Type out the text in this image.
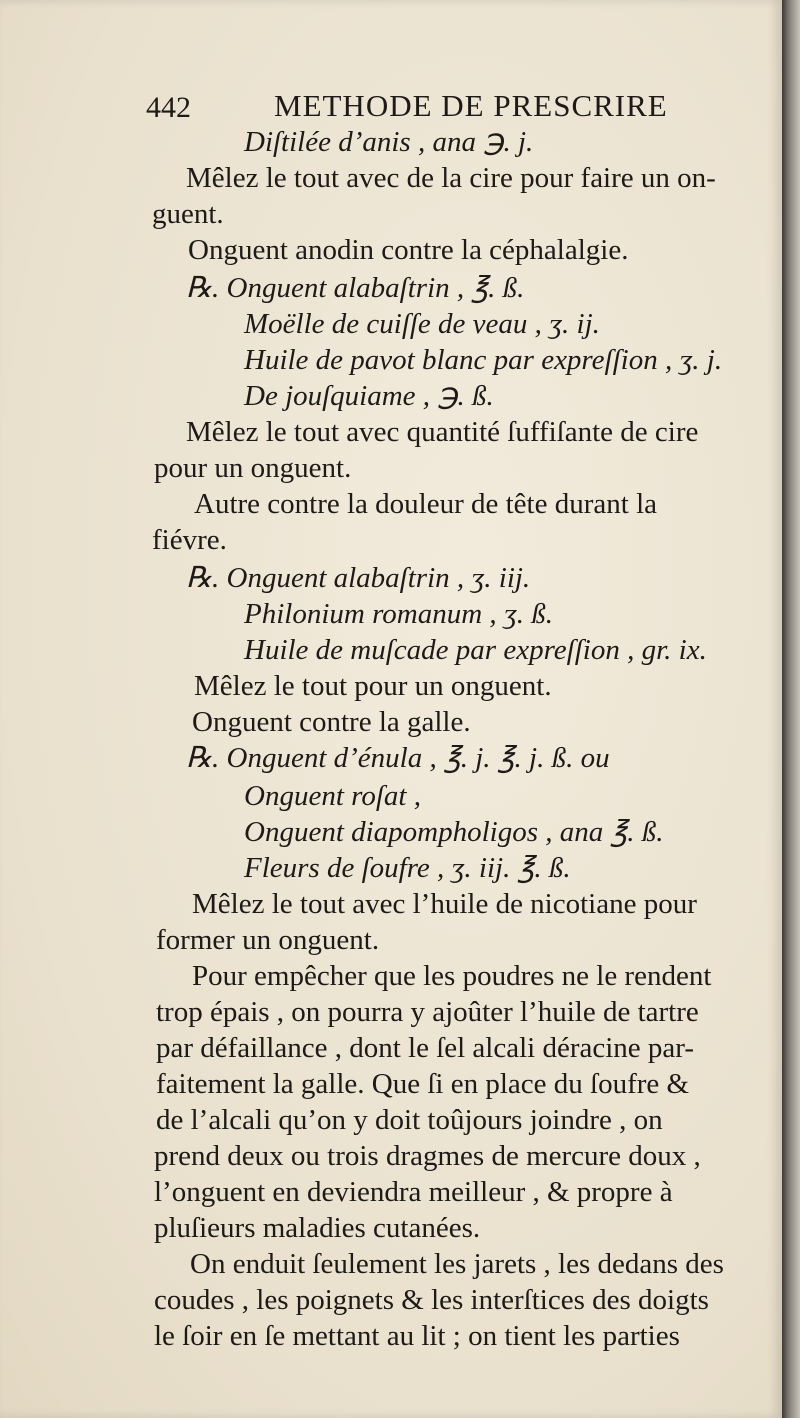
442	METHODE DE PRESCRIRE
Diſtilée d’anis , ana ℈. j.
Mêlez le tout avec de la cire pour faire un on-
guent.
Onguent anodin contre la céphalalgie.
℞. Onguent alabaſtrin , ℥. ß.
Moëlle de cuiſſe de veau , ʒ. ij.
Huile de pavot blanc par expreſſion , ʒ. j.
De jouſquiame , ℈. ß.
Mêlez le tout avec quantité ſuffiſante de cire
pour un onguent.
Autre contre la douleur de tête durant la
fiévre.
℞. Onguent alabaſtrin , ʒ. iij.
Philonium romanum , ʒ. ß.
Huile de muſcade par expreſſion , gr. ix.
Mêlez le tout pour un onguent.
Onguent contre la galle.
℞. Onguent d’énula , ℥. j. ℥. j. ß. ou
Onguent roſat ,
Onguent diapompholigos , ana ℥. ß.
Fleurs de ſoufre , ʒ. iij. ℥. ß.
Mêlez le tout avec l’huile de nicotiane pour
former un onguent.
Pour empêcher que les poudres ne le rendent
trop épais , on pourra y ajoûter l’huile de tartre
par défaillance , dont le ſel alcali déracine par-
faitement la galle. Que ſi en place du ſoufre &
de l’alcali qu’on y doit toûjours joindre , on
prend deux ou trois dragmes de mercure doux ,
l’onguent en deviendra meilleur , & propre à
pluſieurs maladies cutanées.
On enduit ſeulement les jarets , les dedans des
coudes , les poignets & les interſtices des doigts
le ſoir en ſe mettant au lit ; on tient les parties
